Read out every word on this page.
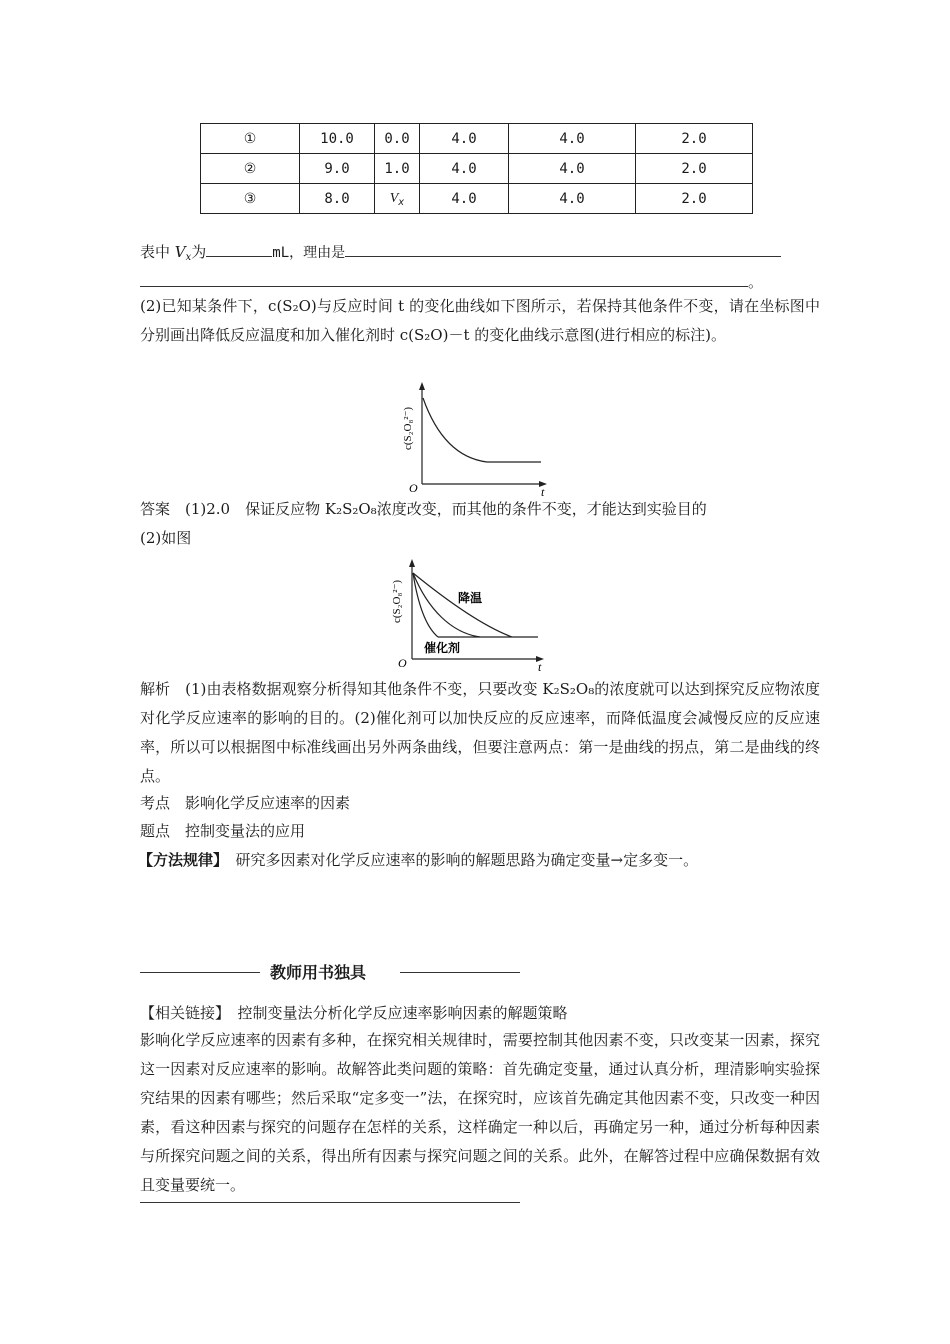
①	10.0	0.0	4.0	4.0	2.0
②	9.0	1.0	4.0	4.0	2.0
③	8.0	$V_x$	4.0	4.0	2.0
表中 $V_x$为	mL，理由是
。
(2)已知某条件下，c(S₂O)与反应时间 t 的变化曲线如下图所示，若保持其他条件不变，请在坐标图中分别画出降低反应温度和加入催化剂时 c(S₂O)－t 的变化曲线示意图(进行相应的标注)。
c(S₂O₈²⁻)
O	t
答案　(1)2.0　保证反应物 K₂S₂O₈浓度改变，而其他的条件不变，才能达到实验目的
(2)如图
c(S₂O₈²⁻)	降温
催化剂
O	t
解析　(1)由表格数据观察分析得知其他条件不变，只要改变 K₂S₂O₈的浓度就可以达到探究反应物浓度对化学反应速率的影响的目的。(2)催化剂可以加快反应的反应速率，而降低温度会减慢反应的反应速率，所以可以根据图中标准线画出另外两条曲线，但要注意两点：第一是曲线的拐点，第二是曲线的终点。
考点　影响化学反应速率的因素
题点　控制变量法的应用
【方法规律】　研究多因素对化学反应速率的影响的解题思路为确定变量→定多变一。
教师用书独具
【相关链接】　控制变量法分析化学反应速率影响因素的解题策略
影响化学反应速率的因素有多种，在探究相关规律时，需要控制其他因素不变，只改变某一因素，探究这一因素对反应速率的影响。故解答此类问题的策略：首先确定变量，通过认真分析，理清影响实验探究结果的因素有哪些；然后采取“定多变一”法，在探究时，应该首先确定其他因素不变，只改变一种因素，看这种因素与探究的问题存在怎样的关系，这样确定一种以后，再确定另一种，通过分析每种因素与所探究问题之间的关系，得出所有因素与探究问题之间的关系。此外，在解答过程中应确保数据有效且变量要统一。
